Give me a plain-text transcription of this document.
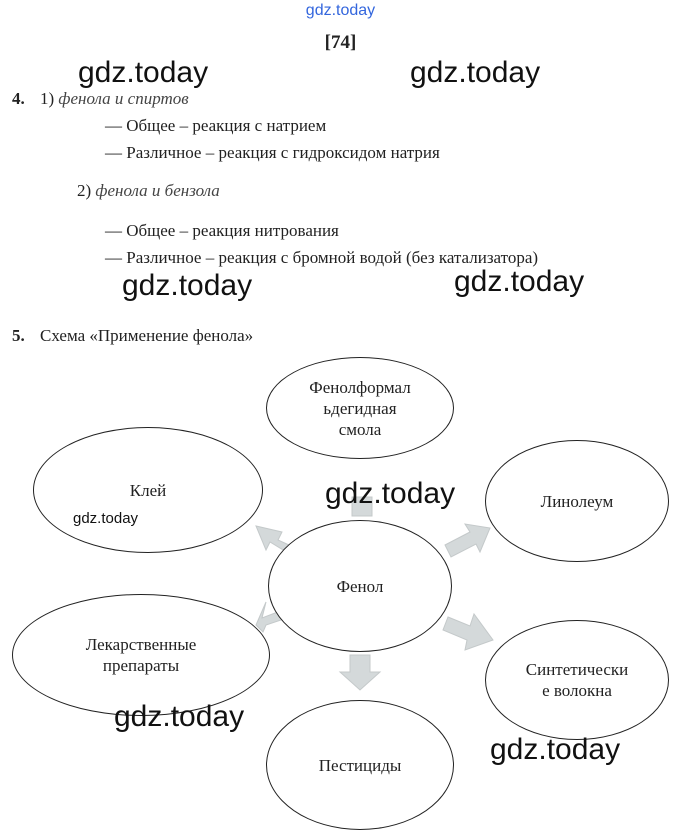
gdz.today
[74]
4. 1) фенола и спиртов
— Общее – реакция с натрием
— Различное – реакция с гидроксидом натрия
2) фенола и бензола
— Общее – реакция нитрования
— Различное – реакция с бромной водой (без катализатора)
5. Схема «Применение фенола»
Фенолформал
ьдегидная
смола
Клей
Линолеум
Фенол
Лекарственные
препараты	Синтетически
е волокна
Пестициды
gdz.today	gdz.today
gdz.today	gdz.today
gdz.today
gdz.today
gdz.today
gdz.today
